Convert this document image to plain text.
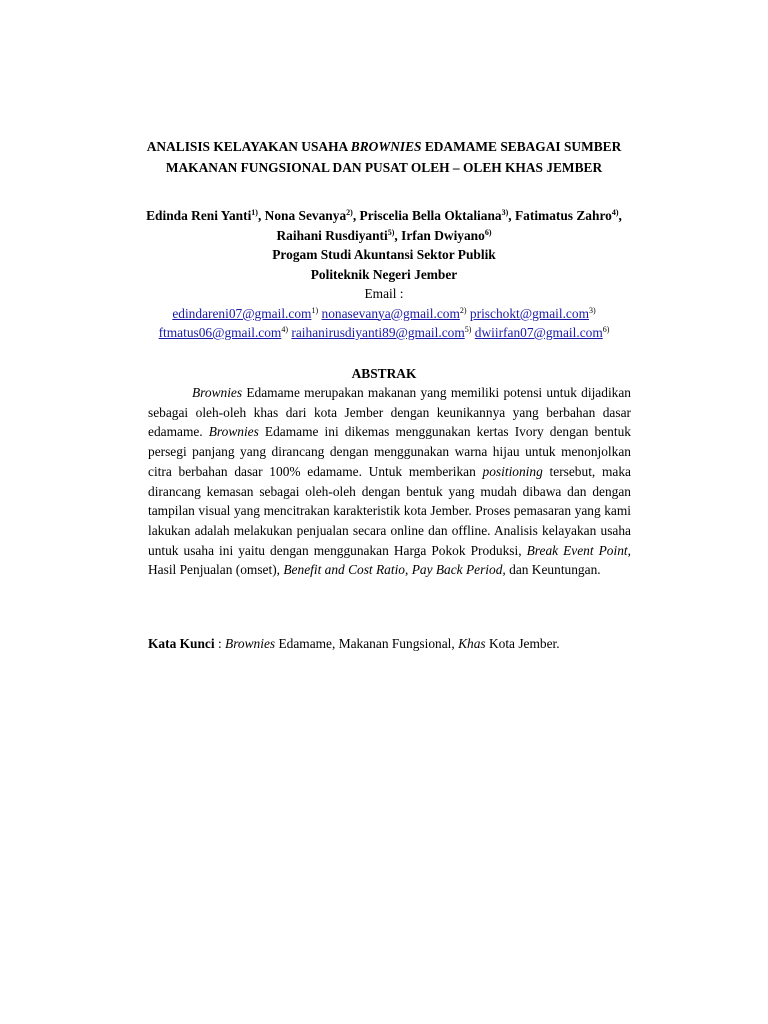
ANALISIS KELAYAKAN USAHA BROWNIES EDAMAME SEBAGAI SUMBER
MAKANAN FUNGSIONAL DAN PUSAT OLEH – OLEH KHAS JEMBER
Edinda Reni Yanti$^{1)}$, Nona Sevanya$^{2)}$, Priscelia Bella Oktaliana$^{3)}$, Fatimatus Zahro$^{4)}$,
Raihani Rusdiyanti$^{5)}$, Irfan Dwiyano$^{6)}$
Progam Studi Akuntansi Sektor Publik
Politeknik Negeri Jember
Email :
edindareni07@gmail.com$^{1)}$ nonasevanya@gmail.com$^{2)}$ prischokt@gmail.com$^{3)}$
ftmatus06@gmail.com$^{4)}$ raihanirusdiyanti89@gmail.com$^{5)}$ dwiirfan07@gmail.com$^{6)}$
ABSTRAK
Brownies Edamame merupakan makanan yang memiliki potensi untuk dijadikan sebagai oleh-oleh khas dari kota Jember dengan keunikannya yang berbahan dasar edamame. Brownies Edamame ini dikemas menggunakan kertas Ivory dengan bentuk persegi panjang yang dirancang dengan menggunakan warna hijau untuk menonjolkan citra berbahan dasar 100% edamame. Untuk memberikan positioning tersebut, maka dirancang kemasan sebagai oleh-oleh dengan bentuk yang mudah dibawa dan dengan tampilan visual yang mencitrakan karakteristik kota Jember. Proses pemasaran yang kami lakukan adalah melakukan penjualan secara online dan offline. Analisis kelayakan usaha untuk usaha ini yaitu dengan menggunakan Harga Pokok Produksi, Break Event Point, Hasil Penjualan (omset), Benefit and Cost Ratio, Pay Back Period, dan Keuntungan.
Kata Kunci : Brownies Edamame, Makanan Fungsional, Khas Kota Jember.
